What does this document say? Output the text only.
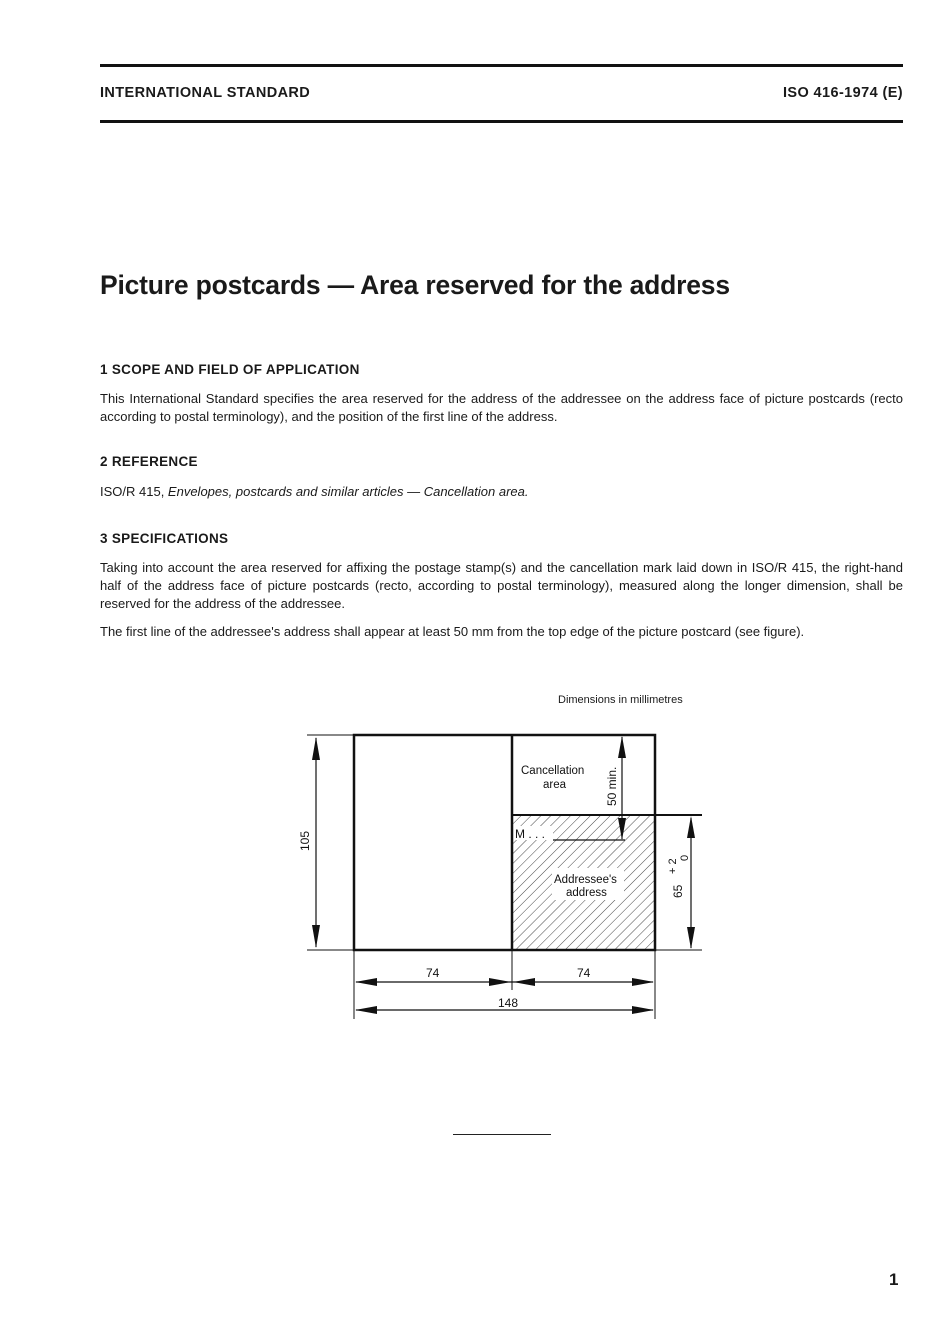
INTERNATIONAL STANDARD	ISO 416-1974 (E)
Picture postcards — Area reserved for the address
1 SCOPE AND FIELD OF APPLICATION

This International Standard specifies the area reserved for the address of the addressee on the address face of picture postcards (recto according to postal terminology), and the position of the first line of the address.

2 REFERENCE

ISO/R 415, Envelopes, postcards and similar articles — Cancellation area.

3 SPECIFICATIONS

Taking into account the area reserved for affixing the postage stamp(s) and the cancellation mark laid down in ISO/R 415, the right-hand half of the address face of picture postcards (recto, according to postal terminology), measured along the longer dimension, shall be reserved for the address of the addressee.

The first line of the addressee's address shall appear at least 50 mm from the top edge of the picture postcard (see figure).

Dimensions in millimetres
Cancellation
area	50 min.
M . . .
Addressee's
address
105
65
+ 2
0
74	74
148
1
